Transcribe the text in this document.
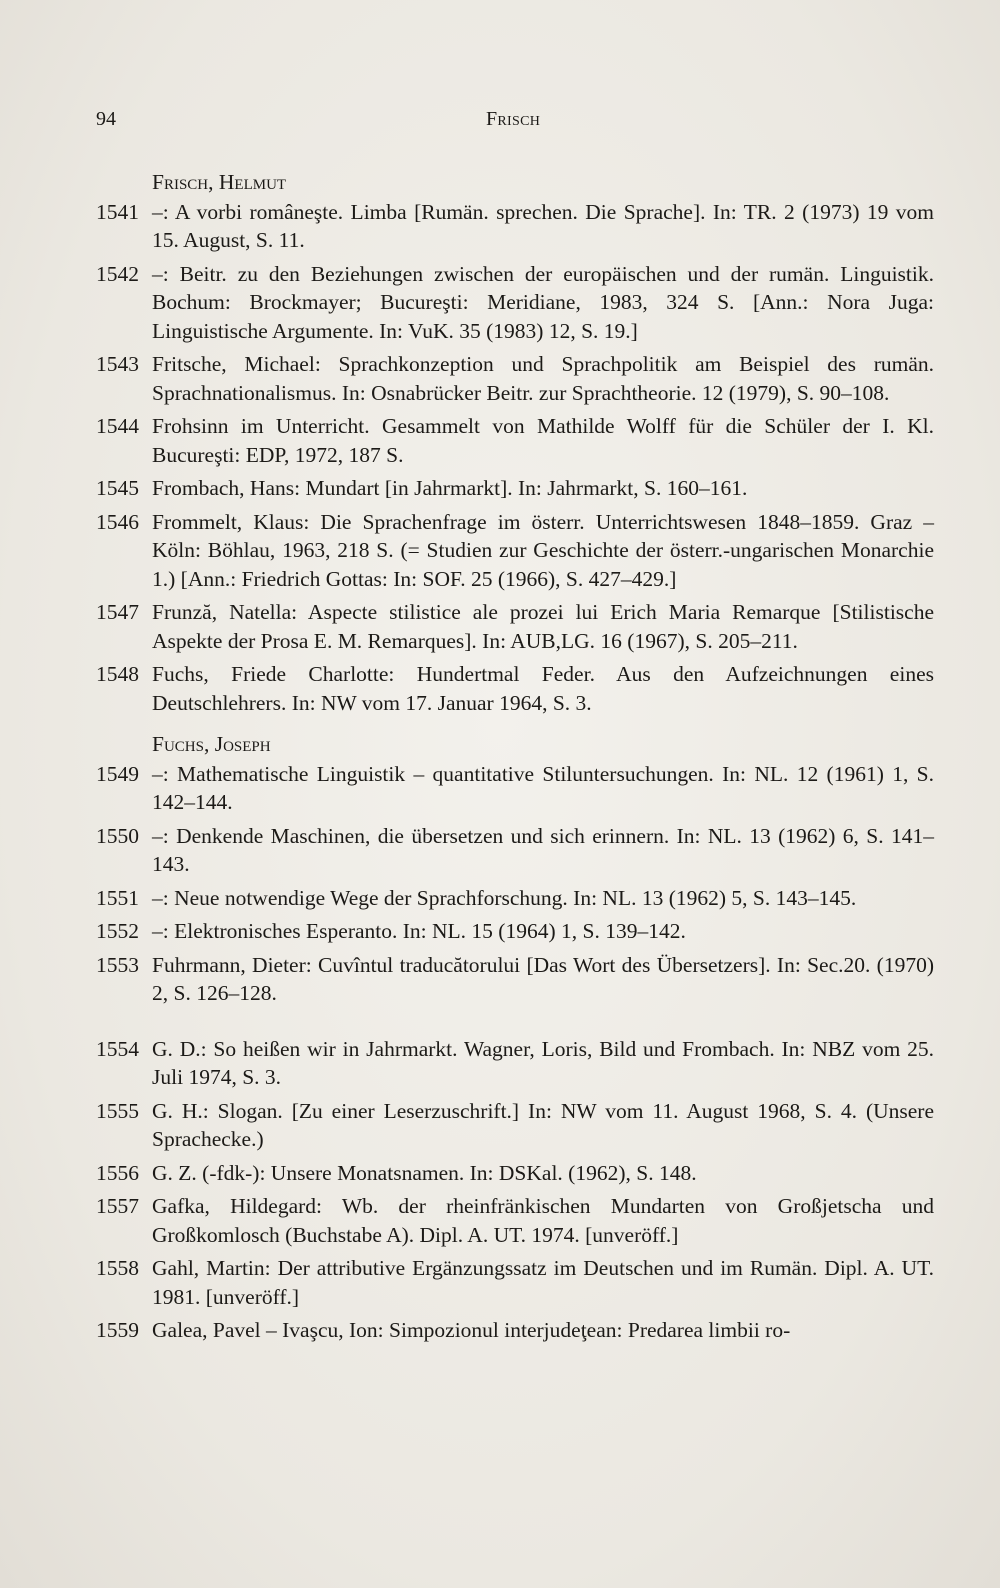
94	Frisch
Frisch, Helmut
1541 –: A vorbi româneşte. Limba [Rumän. sprechen. Die Sprache]. In: TR. 2 (1973) 19 vom 15. August, S. 11.
1542 –: Beitr. zu den Beziehungen zwischen der europäischen und der rumän. Linguistik. Bochum: Brockmayer; Bucureşti: Meridiane, 1983, 324 S. [Ann.: Nora Juga: Linguistische Argumente. In: VuK. 35 (1983) 12, S. 19.]
1543 Fritsche, Michael: Sprachkonzeption und Sprachpolitik am Beispiel des rumän. Sprachnationalismus. In: Osnabrücker Beitr. zur Sprachtheorie. 12 (1979), S. 90–108.
1544 Frohsinn im Unterricht. Gesammelt von Mathilde Wolff für die Schüler der I. Kl. Bucureşti: EDP, 1972, 187 S.
1545 Frombach, Hans: Mundart [in Jahrmarkt]. In: Jahrmarkt, S. 160–161.
1546 Frommelt, Klaus: Die Sprachenfrage im österr. Unterrichtswesen 1848–1859. Graz – Köln: Böhlau, 1963, 218 S. (= Studien zur Geschichte der österr.-ungarischen Monarchie 1.) [Ann.: Friedrich Gottas: In: SOF. 25 (1966), S. 427–429.]
1547 Frunză, Natella: Aspecte stilistice ale prozei lui Erich Maria Remarque [Stilistische Aspekte der Prosa E. M. Remarques]. In: AUB,LG. 16 (1967), S. 205–211.
1548 Fuchs, Friede Charlotte: Hundertmal Feder. Aus den Aufzeichnungen eines Deutschlehrers. In: NW vom 17. Januar 1964, S. 3.
Fuchs, Joseph
1549 –: Mathematische Linguistik – quantitative Stiluntersuchungen. In: NL. 12 (1961) 1, S. 142–144.
1550 –: Denkende Maschinen, die übersetzen und sich erinnern. In: NL. 13 (1962) 6, S. 141–143.
1551 –: Neue notwendige Wege der Sprachforschung. In: NL. 13 (1962) 5, S. 143–145.
1552 –: Elektronisches Esperanto. In: NL. 15 (1964) 1, S. 139–142.
1553 Fuhrmann, Dieter: Cuvîntul traducătorului [Das Wort des Übersetzers]. In: Sec.20. (1970) 2, S. 126–128.
1554 G. D.: So heißen wir in Jahrmarkt. Wagner, Loris, Bild und Frombach. In: NBZ vom 25. Juli 1974, S. 3.
1555 G. H.: Slogan. [Zu einer Leserzuschrift.] In: NW vom 11. August 1968, S. 4. (Unsere Sprachecke.)
1556 G. Z. (-fdk-): Unsere Monatsnamen. In: DSKal. (1962), S. 148.
1557 Gafka, Hildegard: Wb. der rheinfränkischen Mundarten von Großjetscha und Großkomlosch (Buchstabe A). Dipl. A. UT. 1974. [unveröff.]
1558 Gahl, Martin: Der attributive Ergänzungssatz im Deutschen und im Rumän. Dipl. A. UT. 1981. [unveröff.]
1559 Galea, Pavel – Ivaşcu, Ion: Simpozionul interjudeţean: Predarea limbii ro-
